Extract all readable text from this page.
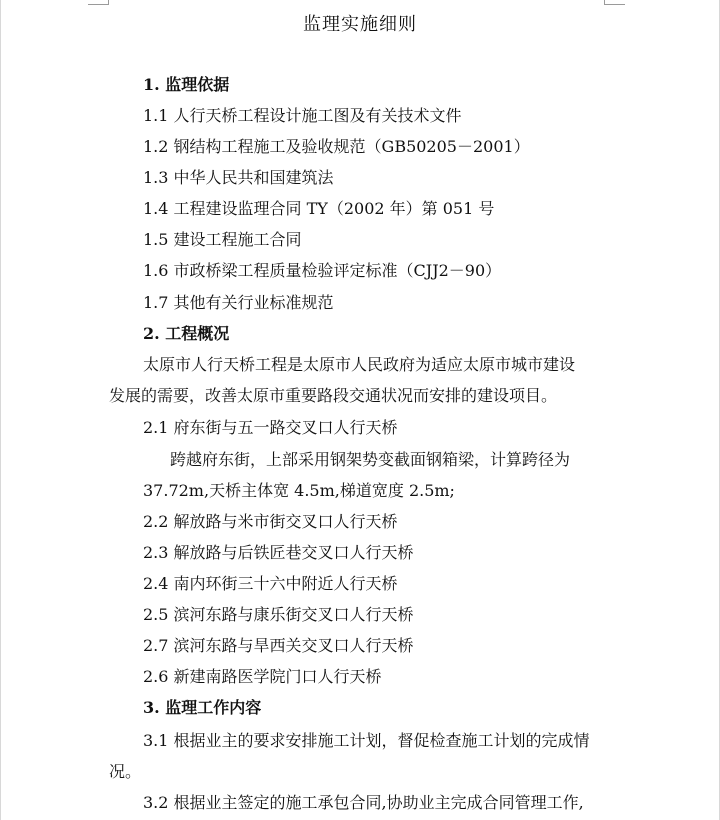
监理实施细则
1. 监理依据
1.1 人行天桥工程设计施工图及有关技术文件
1.2 钢结构工程施工及验收规范（GB50205－2001）
1.3 中华人民共和国建筑法
1.4 工程建设监理合同 TY（2002 年）第 051 号
1.5 建设工程施工合同
1.6 市政桥梁工程质量检验评定标准（CJJ2－90）
1.7 其他有关行业标准规范
2. 工程概况
太原市人行天桥工程是太原市人民政府为适应太原市城市建设
发展的需要，改善太原市重要路段交通状况而安排的建设项目。
2.1 府东街与五一路交叉口人行天桥
跨越府东街，上部采用钢架势变截面钢箱梁，计算跨径为
37.72m,天桥主体宽 4.5m,梯道宽度 2.5m;
2.2 解放路与米市街交叉口人行天桥
2.3 解放路与后铁匠巷交叉口人行天桥
2.4 南内环街三十六中附近人行天桥
2.5 滨河东路与康乐街交叉口人行天桥
2.7 滨河东路与旱西关交叉口人行天桥
2.6 新建南路医学院门口人行天桥
3. 监理工作内容
3.1 根据业主的要求安排施工计划，督促检查施工计划的完成情
况。
3.2 根据业主签定的施工承包合同,协助业主完成合同管理工作,
